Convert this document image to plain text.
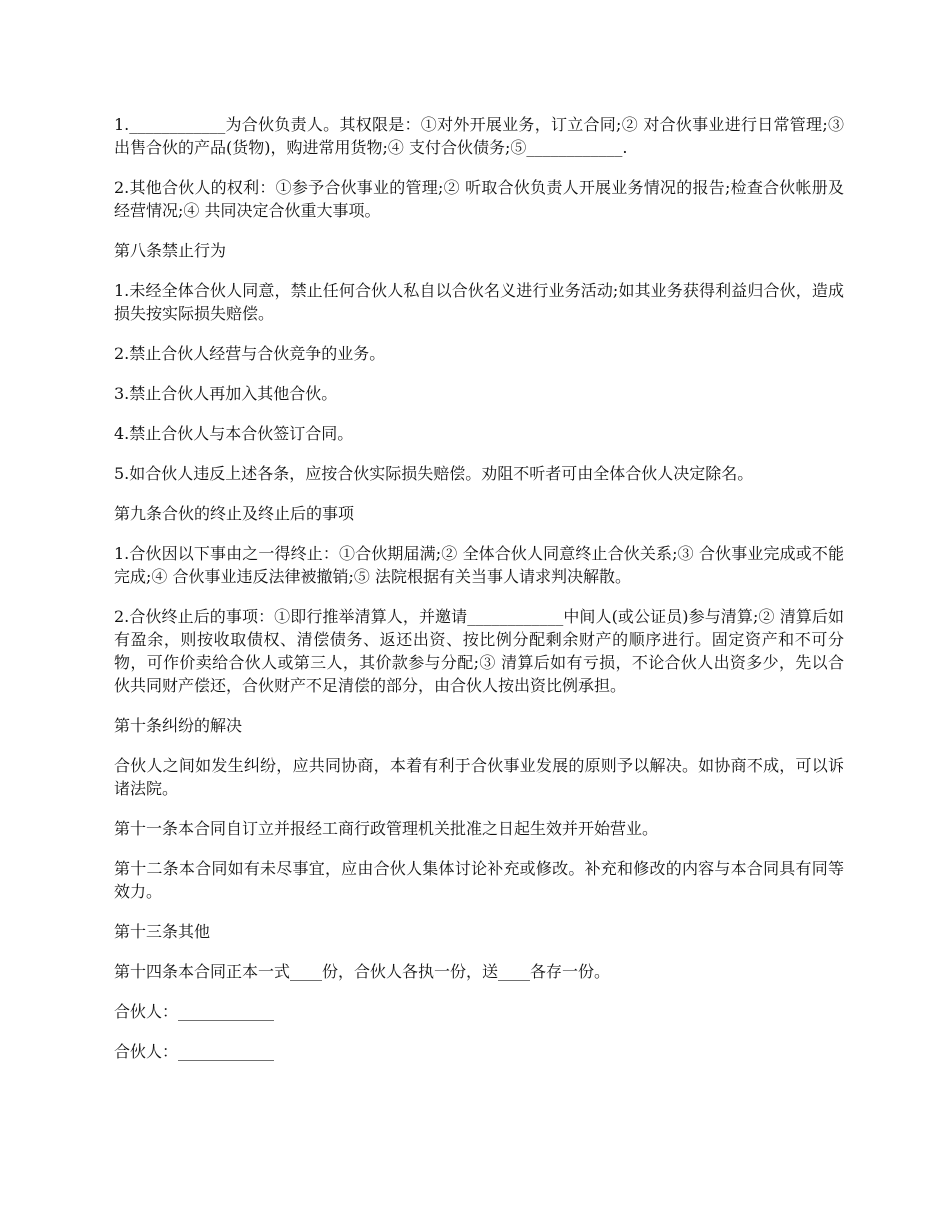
1.____________为合伙负责人。其权限是：①对外开展业务，订立合同;② 对合伙事业进行日常管理;③ 出售合伙的产品(货物)，购进常用货物;④ 支付合伙债务;⑤____________.

2.其他合伙人的权利：①参予合伙事业的管理;② 听取合伙负责人开展业务情况的报告;检查合伙帐册及经营情况;④ 共同决定合伙重大事项。

第八条禁止行为

1.未经全体合伙人同意，禁止任何合伙人私自以合伙名义进行业务活动;如其业务获得利益归合伙，造成损失按实际损失赔偿。

2.禁止合伙人经营与合伙竞争的业务。

3.禁止合伙人再加入其他合伙。

4.禁止合伙人与本合伙签订合同。

5.如合伙人违反上述各条，应按合伙实际损失赔偿。劝阻不听者可由全体合伙人决定除名。

第九条合伙的终止及终止后的事项

1.合伙因以下事由之一得终止：①合伙期届满;② 全体合伙人同意终止合伙关系;③ 合伙事业完成或不能完成;④ 合伙事业违反法律被撤销;⑤ 法院根据有关当事人请求判决解散。

2.合伙终止后的事项：①即行推举清算人，并邀请____________中间人(或公证员)参与清算;② 清算后如有盈余，则按收取债权、清偿债务、返还出资、按比例分配剩余财产的顺序进行。固定资产和不可分物，可作价卖给合伙人或第三人，其价款参与分配;③ 清算后如有亏损，不论合伙人出资多少，先以合伙共同财产偿还，合伙财产不足清偿的部分，由合伙人按出资比例承担。

第十条纠纷的解决

合伙人之间如发生纠纷，应共同协商，本着有利于合伙事业发展的原则予以解决。如协商不成，可以诉诸法院。

第十一条本合同自订立并报经工商行政管理机关批准之日起生效并开始营业。

第十二条本合同如有未尽事宜，应由合伙人集体讨论补充或修改。补充和修改的内容与本合同具有同等效力。

第十三条其他

第十四条本合同正本一式____份，合伙人各执一份，送____各存一份。

合伙人：____________

合伙人：____________
